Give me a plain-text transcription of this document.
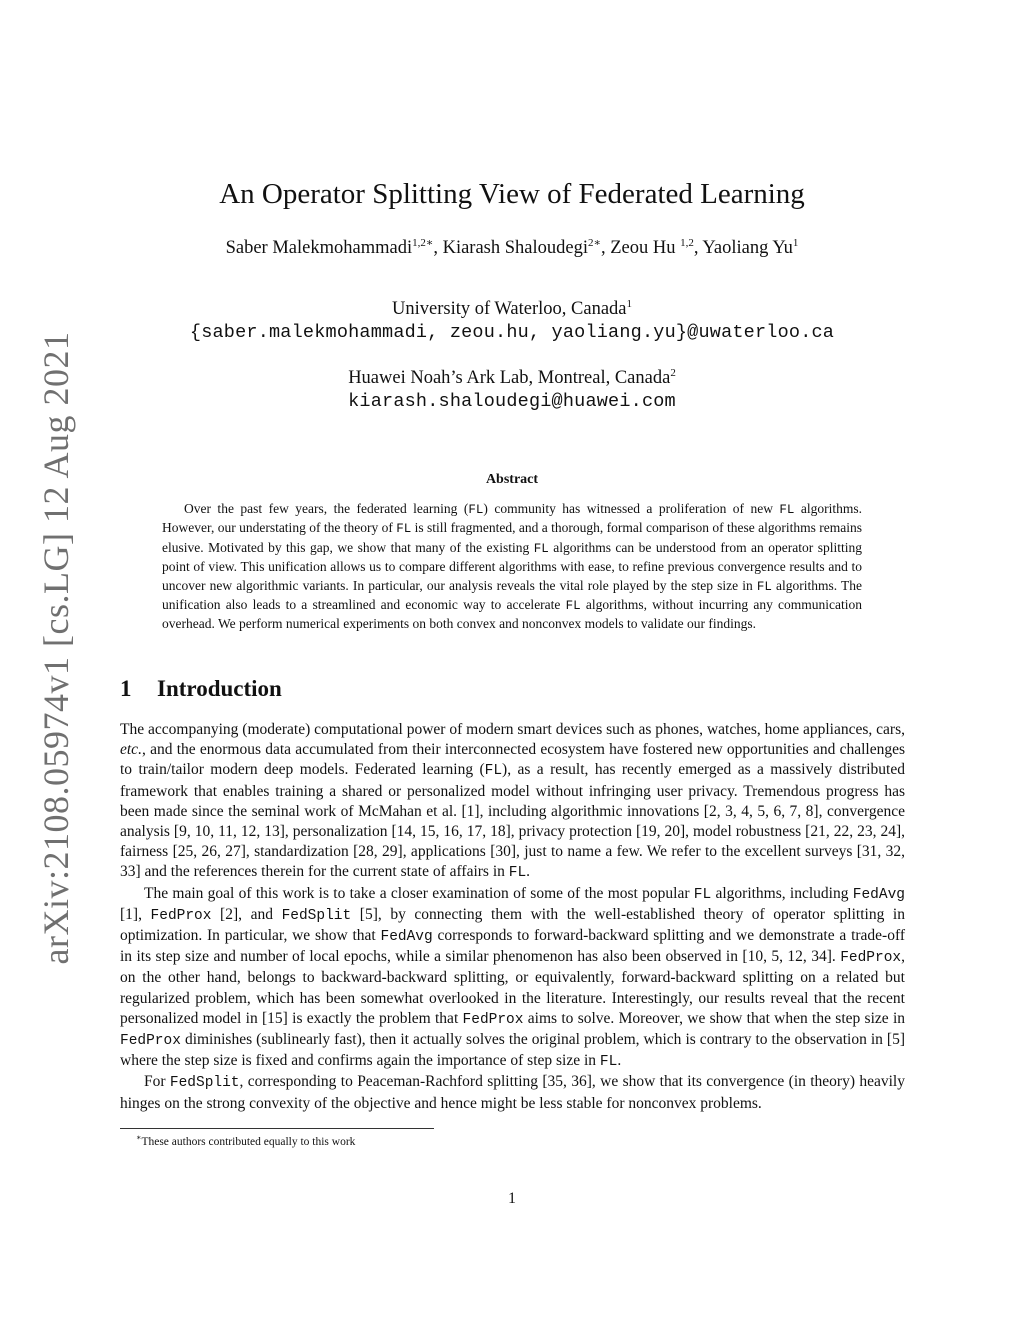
arXiv:2108.05974v1 [cs.LG] 12 Aug 2021
An Operator Splitting View of Federated Learning
Saber Malekmohammadi$^{1,2∗}$, Kiarash Shaloudegi$^{2∗}$, Zeou Hu $^{1,2}$, Yaoliang Yu$^1$
University of Waterloo, Canada$^1$
{saber.malekmohammadi, zeou.hu, yaoliang.yu}@uwaterloo.ca
Huawei Noah’s Ark Lab, Montreal, Canada$^2$
kiarash.shaloudegi@huawei.com
Abstract

Over the past few years, the federated learning (FL) community has witnessed a proliferation of new FL algorithms. However, our understating of the theory of FL is still fragmented, and a thorough, formal comparison of these algorithms remains elusive. Motivated by this gap, we show that many of the existing FL algorithms can be understood from an operator splitting point of view. This unification allows us to compare different algorithms with ease, to refine previous convergence results and to uncover new algorithmic variants. In particular, our analysis reveals the vital role played by the step size in FL algorithms. The unification also leads to a streamlined and economic way to accelerate FL algorithms, without incurring any communication overhead. We perform numerical experiments on both convex and nonconvex models to validate our findings.

1 Introduction

The accompanying (moderate) computational power of modern smart devices such as phones, watches, home appliances, cars, etc., and the enormous data accumulated from their interconnected ecosystem have fostered new opportunities and challenges to train/tailor modern deep models. Federated learning (FL), as a result, has recently emerged as a massively distributed framework that enables training a shared or personalized model without infringing user privacy. Tremendous progress has been made since the seminal work of McMahan et al. [1], including algorithmic innovations [2, 3, 4, 5, 6, 7, 8], convergence analysis [9, 10, 11, 12, 13], personalization [14, 15, 16, 17, 18], privacy protection [19, 20], model robustness [21, 22, 23, 24], fairness [25, 26, 27], standardization [28, 29], applications [30], just to name a few. We refer to the excellent surveys [31, 32, 33] and the references therein for the current state of affairs in FL.

The main goal of this work is to take a closer examination of some of the most popular FL algorithms, including FedAvg [1], FedProx [2], and FedSplit [5], by connecting them with the well-established theory of operator splitting in optimization. In particular, we show that FedAvg corresponds to forward-backward splitting and we demonstrate a trade-off in its step size and number of local epochs, while a similar phenomenon has also been observed in [10, 5, 12, 34]. FedProx, on the other hand, belongs to backward-backward splitting, or equivalently, forward-backward splitting on a related but regularized problem, which has been somewhat overlooked in the literature. Interestingly, our results reveal that the recent personalized model in [15] is exactly the problem that FedProx aims to solve. Moreover, we show that when the step size in FedProx diminishes (sublinearly fast), then it actually solves the original problem, which is contrary to the observation in [5] where the step size is fixed and confirms again the importance of step size in FL.

For FedSplit, corresponding to Peaceman-Rachford splitting [35, 36], we show that its convergence (in theory) heavily hinges on the strong convexity of the objective and hence might be less stable for nonconvex problems.

∗These authors contributed equally to this work
1
